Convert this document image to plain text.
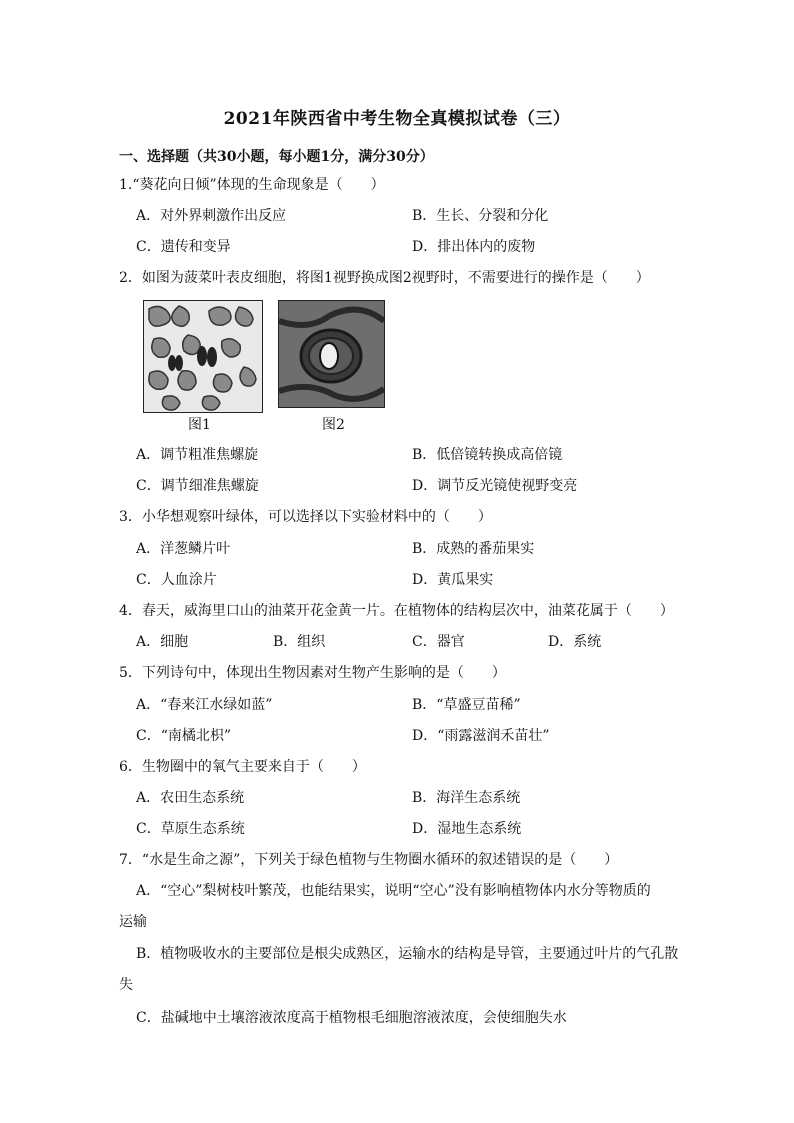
2021年陕西省中考生物全真模拟试卷（三）
一、选择题（共30小题，每小题1分，满分30分）
1.“葵花向日倾”体现的生命现象是（　　）
A．对外界刺激作出反应	B．生长、分裂和分化
C．遗传和变异	D．排出体内的废物
2．如图为菠菜叶表皮细胞，将图1视野换成图2视野时，不需要进行的操作是（　　）
图1	图2
A．调节粗准焦螺旋	B．低倍镜转换成高倍镜
C．调节细准焦螺旋	D．调节反光镜使视野变亮
3．小华想观察叶绿体，可以选择以下实验材料中的（　　）
A．洋葱鳞片叶	B．成熟的番茄果实
C．人血涂片	D．黄瓜果实
4．春天，威海里口山的油菜开花金黄一片。在植物体的结构层次中，油菜花属于（　　）
A．细胞	B．组织	C．器官	D．系统
5．下列诗句中，体现出生物因素对生物产生影响的是（　　）
A．“春来江水绿如蓝”	B．“草盛豆苗稀”
C．“南橘北枳”	D．“雨露滋润禾苗壮”
6．生物圈中的氧气主要来自于（　　）
A．农田生态系统	B．海洋生态系统
C．草原生态系统	D．湿地生态系统
7．“水是生命之源”，下列关于绿色植物与生物圈水循环的叙述错误的是（　　）
A．“空心”梨树枝叶繁茂，也能结果实，说明“空心”没有影响植物体内水分等物质的
运输
B．植物吸收水的主要部位是根尖成熟区，运输水的结构是导管，主要通过叶片的气孔散
失
C．盐碱地中土壤溶液浓度高于植物根毛细胞溶液浓度，会使细胞失水
